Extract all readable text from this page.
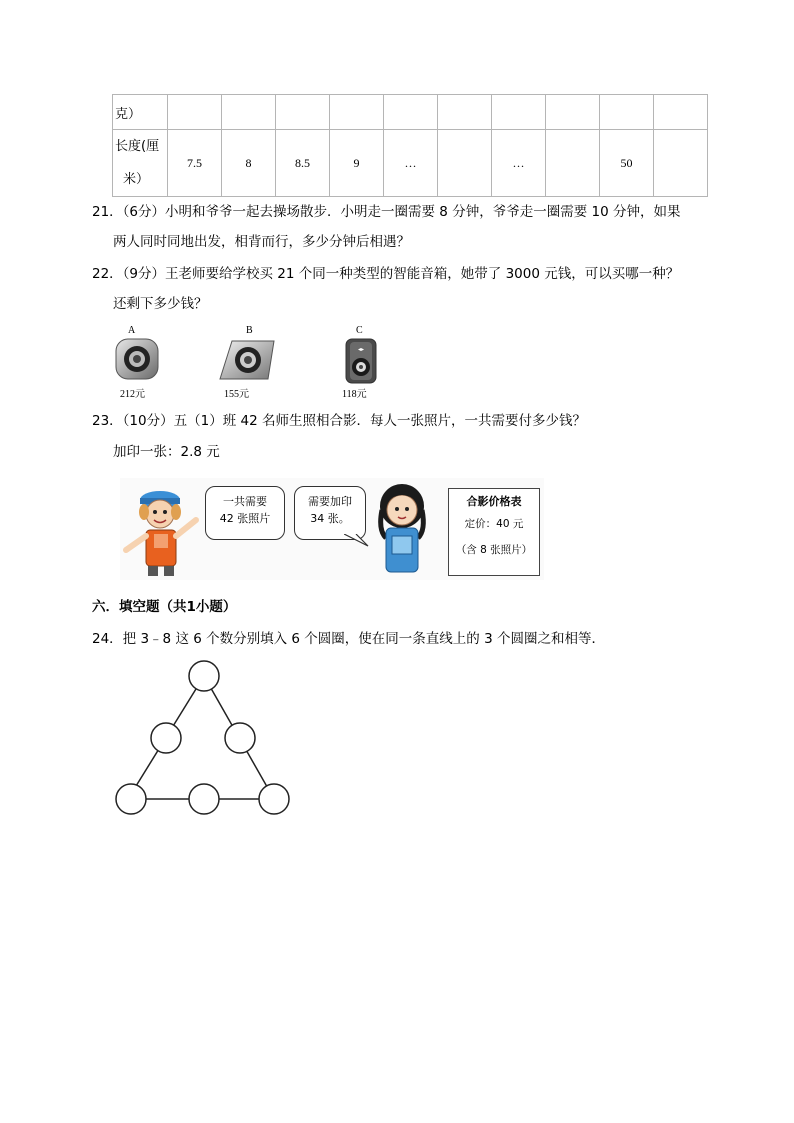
克）										

长度(厘
米）	7.5	8	8.5	9	…		…		50	
21．（6分）小明和爷爷一起去操场散步．小明走一圈需要 8 分钟，爷爷走一圈需要 10 分钟，如果
两人同时同地出发，相背而行，多少分钟后相遇？
22．（9分）王老师要给学校买 21 个同一种类型的智能音箱，她带了 3000 元钱，可以买哪一种？
还剩下多少钱？
A
212元
B
155元
C
◂▸
118元
23．（10分）五（1）班 42 名师生照相合影．每人一张照片，一共需要付多少钱？
加印一张：2.8 元
一共需要
42 张照片
需要加印
34 张。
合影价格表
定价：40 元
（含 8 张照片）
六．填空题（共1小题）
24．把 3﹣8 这 6 个数分别填入 6 个圆圈，使在同一条直线上的 3 个圆圈之和相等．
